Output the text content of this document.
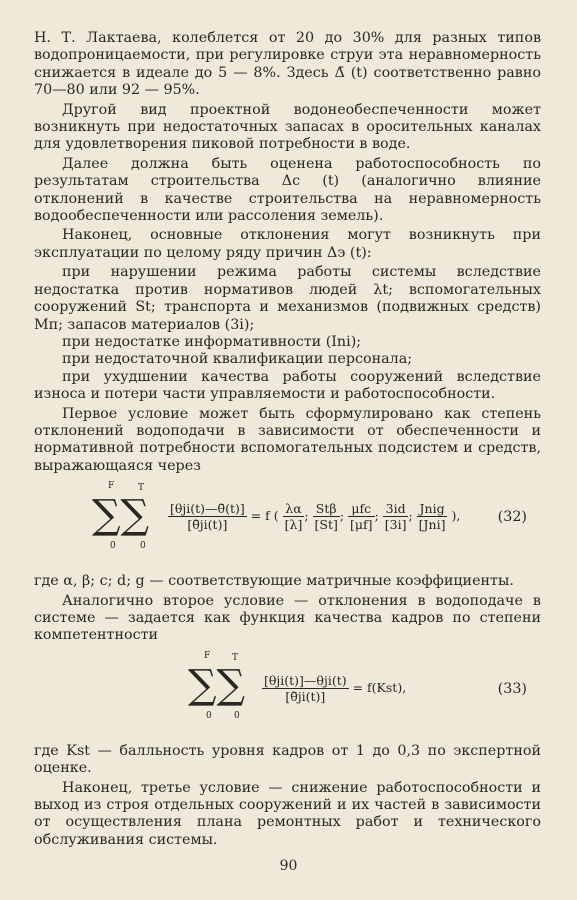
Н. Т. Лактаева, колеблется от 20 до 30% для разных типов водопроницаемости, при регулировке струи эта неравномерность снижается в идеале до 5 — 8%. Здесь Δ̄ (t) соответственно равно 70—80 или 92 — 95%.

Другой вид проектной водонеобеспеченности может возникнуть при недостаточных запасах в оросительных каналах для удовлетворения пиковой потребности в воде.

Далее должна быть оценена работоспособность по результатам строительства Δc (t) (аналогично влияние отклонений в качестве строительства на неравномерность водообеспеченности или рассоления земель).

Наконец, основные отклонения могут возникнуть при эксплуатации по целому ряду причин Δэ (t):

при нарушении режима работы системы вследствие недостатка против нормативов людей λt; вспомогательных сооружений St; транспорта и механизмов (подвижных средств) Mп; запасов материалов (3i);

при недостатке информативности (Ini);

при недостаточной квалификации персонала;

при ухудшении качества работы сооружений вследствие износа и потери части управляемости и работоспособности.

Первое условие может быть сформулировано как степень отклонений водоподачи в зависимости от обеспеченности и нормативной потребности вспомогательных подсистем и средств, выражающаяся через

F	T
∑∑
0	0
$\frac{\text{[θji(t)—θ̄(t)]}}{[\thetāji(t)]} = f$ ( $\frac{\lambda\alpha}{[\lambda]}$ ; $\frac{\text{Stβ}}{[St]}$ ; $\frac{\text{μfc}}{[\mu f]}$ ; $\frac{3id}{[3i]}$ ; $\frac{\text{Jnig}}{\text{[Jni]}}$ ),	(32)

где α, β; c; d; g — соответствующие матричные коэффициенты.

Аналогично второе условие — отклонения в водоподаче в системе — задается как функция качества кадров по степени компетентности

F T
∑∑
0 0
$\frac{\text{[θji(t)]—θji(t)}}{[\thetāji(t)]} = f(Kst)$,	(33)

где Kst — балльность уровня кадров от 1 до 0,3 по экспертной оценке.

Наконец, третье условие — снижение работоспособности и выход из строя отдельных сооружений и их частей в зависимости от осуществления плана ремонтных работ и технического обслуживания системы.

90
